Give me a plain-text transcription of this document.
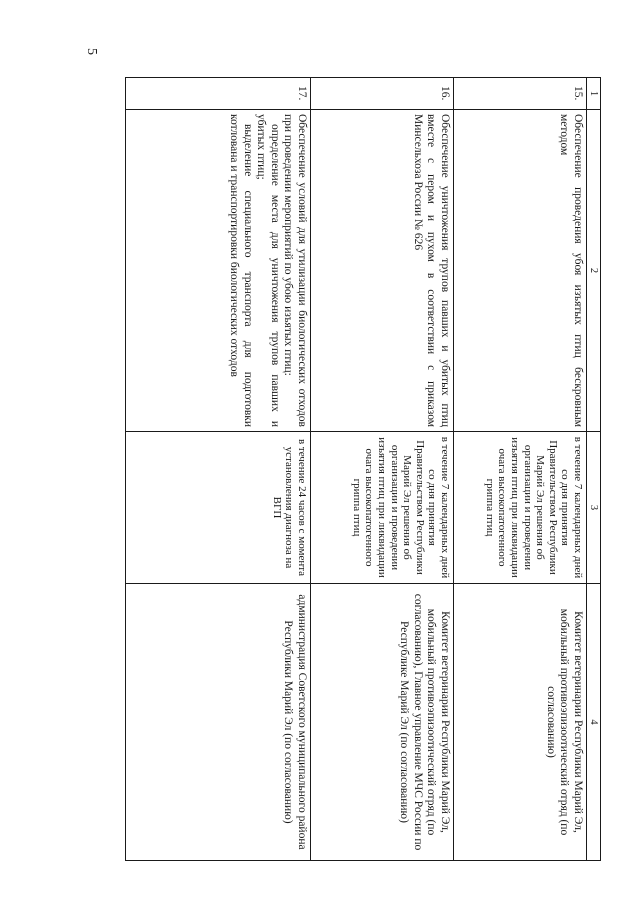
5
1	2	3	4
15.	Обеспечение проведения убоя изъятых птиц бескровным методом	в течение 7 календарных дней со дня принятия Правительством Республики Марий Эл решения об организации и проведении изъятия птиц при ликвидации очага высокопатогенного гриппа птиц	Комитет ветеринарии Республики Марий Эл, мобильный противоэпизоотический отряд (по согласованию)
16.	Обеспечение уничтожения трупов павших и убитых птиц вместе с пером и пухом в соответствии с приказом Минсельхоза России № 626	в течение 7 календарных дней со дня принятия Правительством Республики Марий Эл решения об организации и проведении изъятия птиц при ликвидации очага высокопатогенного гриппа птиц	Комитет ветеринарии Республики Марий Эл, мобильный противоэпизоотический отряд (по согласованию), Главное управление МЧС России по Республике Марий Эл (по согласованию)
17.	Обеспечение условий для утилизации биологических отходов при проведении мероприятий по убою изъятых птиц:
определение места для уничтожения трупов павших и убитых птиц;
выделение специального транспорта для подготовки котлована и транспортировки биологических отходов	в течение 24 часов с момента установления диагноза на ВГП	администрация Советского муниципального района Республики Марий Эл (по согласованию)
